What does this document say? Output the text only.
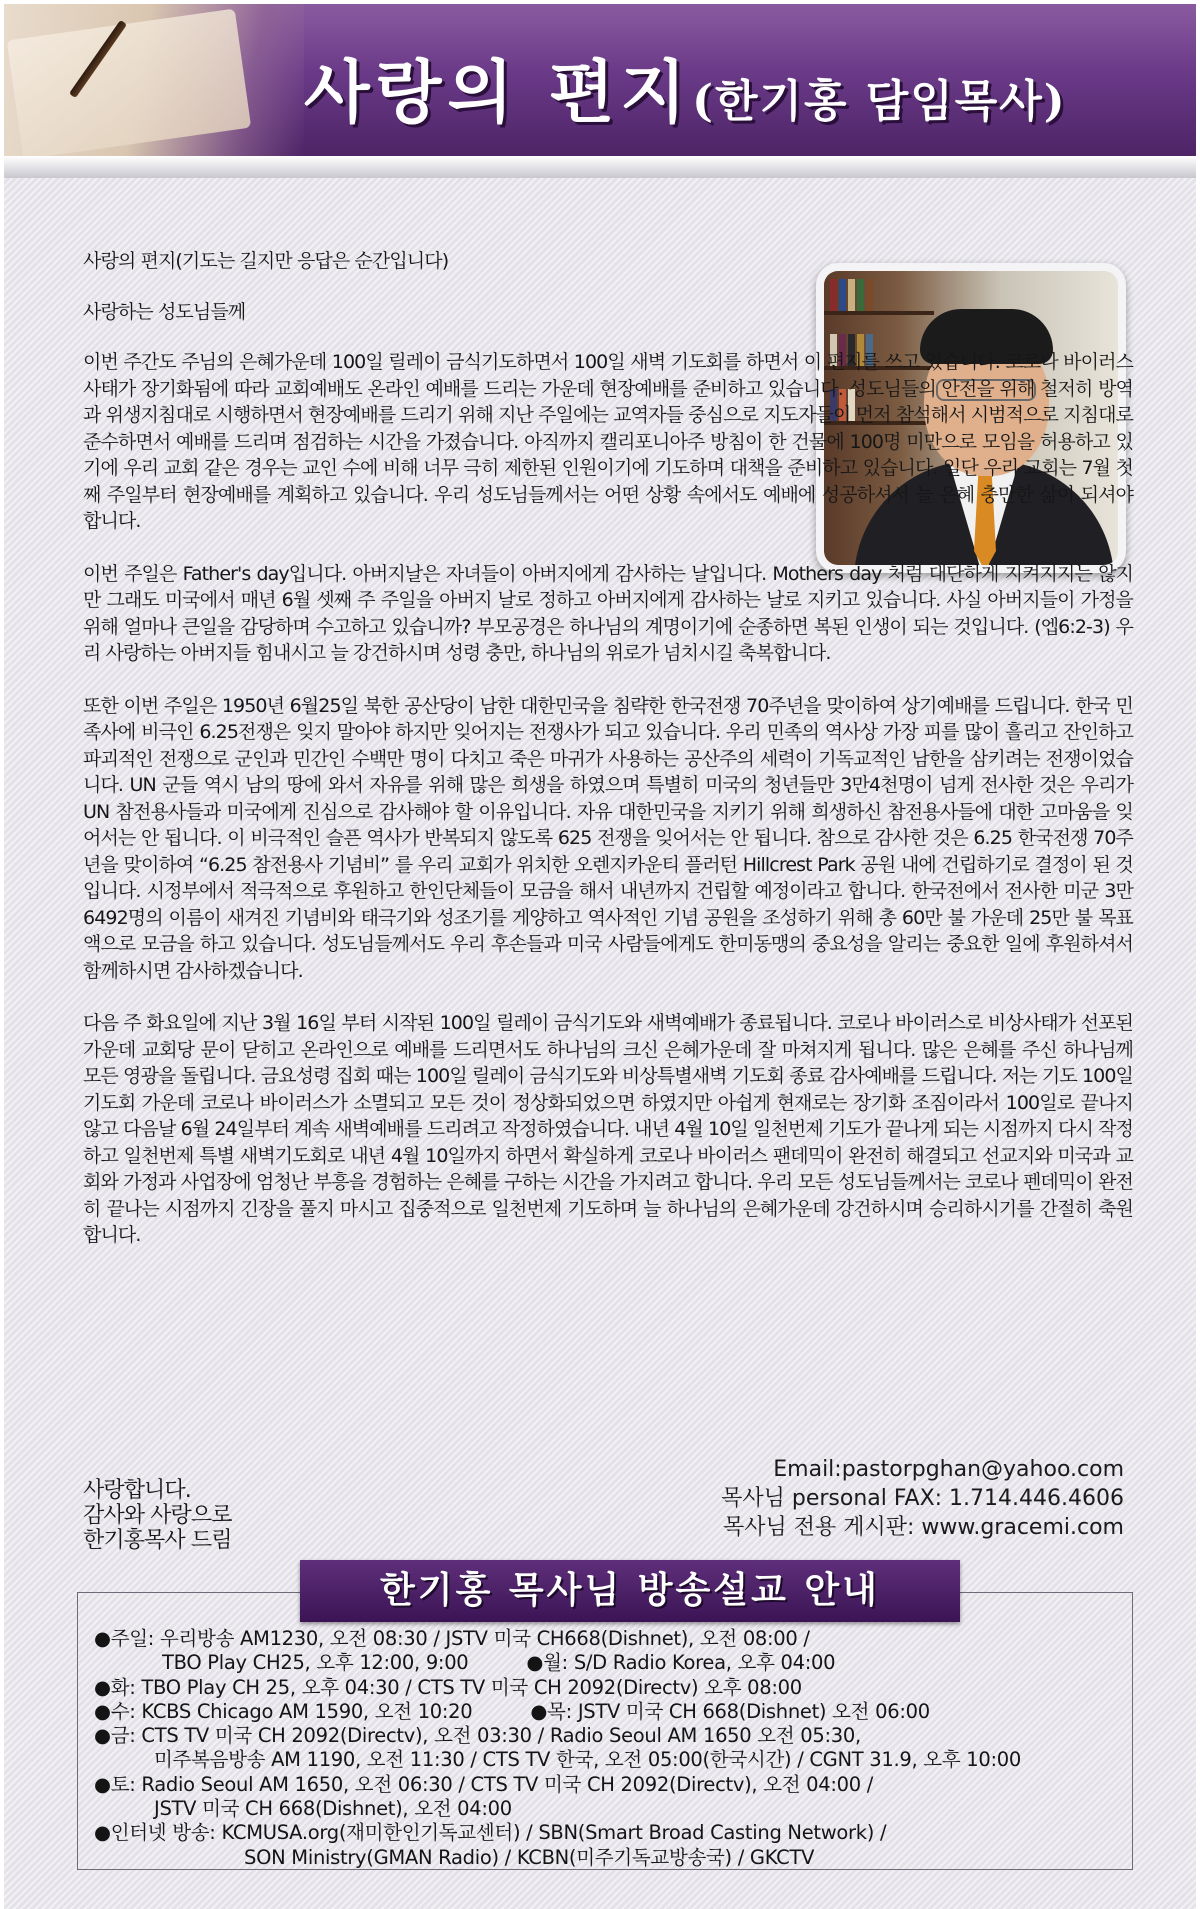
사랑의 편지(한기홍 담임목사)

사랑의 편지(기도는 길지만 응답은 순간입니다)

사랑하는 성도님들께

이번 주간도 주님의 은혜가운데 100일 릴레이 금식기도하면서 100일 새벽 기도회를 하면서 이 편지를 쓰고 있습니다. 코로나 바이러스 사태가 장기화됨에 따라 교회예배도 온라인 예배를 드리는 가운데 현장예배를 준비하고 있습니다. 성도님들의 안전을 위해 철저히 방역과 위생지침대로 시행하면서 현장예배를 드리기 위해 지난 주일에는 교역자들 중심으로 지도자들이 먼저 참석해서 시범적으로 지침대로 준수하면서 예배를 드리며 점검하는 시간을 가졌습니다. 아직까지 캘리포니아주 방침이 한 건물에 100명 미만으로 모임을 허용하고 있기에 우리 교회 같은 경우는 교인 수에 비해 너무 극히 제한된 인원이기에 기도하며 대책을 준비하고 있습니다. 일단 우리 교회는 7월 첫째 주일부터 현장예배를 계획하고 있습니다. 우리 성도님들께서는 어떤 상황 속에서도 예배에 성공하셔서 늘 은혜 충만한 삶이 되셔야 합니다.

이번 주일은 Father's day입니다. 아버지날은 자녀들이 아버지에게 감사하는 날입니다. Mothers day 처럼 대단하게 지켜지지는 않지만 그래도 미국에서 매년 6월 셋째 주 주일을 아버지 날로 정하고 아버지에게 감사하는 날로 지키고 있습니다. 사실 아버지들이 가정을 위해 얼마나 큰일을 감당하며 수고하고 있습니까? 부모공경은 하나님의 계명이기에 순종하면 복된 인생이 되는 것입니다. (엡6:2-3) 우리 사랑하는 아버지들 힘내시고 늘 강건하시며 성령 충만, 하나님의 위로가 넘치시길 축복합니다.

또한 이번 주일은 1950년 6월25일 북한 공산당이 남한 대한민국을 침략한 한국전쟁 70주년을 맞이하여 상기예배를 드립니다. 한국 민족사에 비극인 6.25전쟁은 잊지 말아야 하지만 잊어지는 전쟁사가 되고 있습니다. 우리 민족의 역사상 가장 피를 많이 흘리고 잔인하고 파괴적인 전쟁으로 군인과 민간인 수백만 명이 다치고 죽은 마귀가 사용하는 공산주의 세력이 기독교적인 남한을 삼키려는 전쟁이었습니다. UN 군들 역시 남의 땅에 와서 자유를 위해 많은 희생을 하였으며 특별히 미국의 청년들만 3만4천명이 넘게 전사한 것은 우리가 UN 참전용사들과 미국에게 진심으로 감사해야 할 이유입니다. 자유 대한민국을 지키기 위해 희생하신 참전용사들에 대한 고마움을 잊어서는 안 됩니다. 이 비극적인 슬픈 역사가 반복되지 않도록 625 전쟁을 잊어서는 안 됩니다. 참으로 감사한 것은 6.25 한국전쟁 70주년을 맞이하여 “6.25 참전용사 기념비” 를 우리 교회가 위치한 오렌지카운티 플러턴 Hillcrest Park 공원 내에 건립하기로 결정이 된 것입니다. 시정부에서 적극적으로 후원하고 한인단체들이 모금을 해서 내년까지 건립할 예정이라고 합니다. 한국전에서 전사한 미군 3만 6492명의 이름이 새겨진 기념비와 태극기와 성조기를 게양하고 역사적인 기념 공원을 조성하기 위해 총 60만 불 가운데 25만 불 목표액으로 모금을 하고 있습니다. 성도님들께서도 우리 후손들과 미국 사람들에게도 한미동맹의 중요성을 알리는 중요한 일에 후원하셔서 함께하시면 감사하겠습니다.

다음 주 화요일에 지난 3월 16일 부터 시작된 100일 릴레이 금식기도와 새벽예배가 종료됩니다. 코로나 바이러스로 비상사태가 선포된 가운데 교회당 문이 닫히고 온라인으로 예배를 드리면서도 하나님의 크신 은혜가운데 잘 마쳐지게 됩니다. 많은 은혜를 주신 하나님께 모든 영광을 돌립니다. 금요성령 집회 때는 100일 릴레이 금식기도와 비상특별새벽 기도회 종료 감사예배를 드립니다. 저는 기도 100일 기도회 가운데 코로나 바이러스가 소멸되고 모든 것이 정상화되었으면 하였지만 아쉽게 현재로는 장기화 조짐이라서 100일로 끝나지 않고 다음날 6월 24일부터 계속 새벽예배를 드리려고 작정하였습니다. 내년 4월 10일 일천번제 기도가 끝나게 되는 시점까지 다시 작정하고 일천번제 특별 새벽기도회로 내년 4월 10일까지 하면서 확실하게 코로나 바이러스 팬데믹이 완전히 해결되고 선교지와 미국과 교회와 가정과 사업장에 엄청난 부흥을 경험하는 은혜를 구하는 시간을 가지려고 합니다. 우리 모든 성도님들께서는 코로나 펜데믹이 완전히 끝나는 시점까지 긴장을 풀지 마시고 집중적으로 일천번제 기도하며 늘 하나님의 은혜가운데 강건하시며 승리하시기를 간절히 축원합니다.

Email:pastorpghan@yahoo.com
목사님 personal FAX: 1.714.446.4606
목사님 전용 게시판: www.gracemi.com
사랑합니다.
감사와 사랑으로
한기홍목사 드림
한기홍 목사님 방송설교 안내
●주일: 우리방송 AM1230, 오전 08:30 / JSTV 미국 CH668(Dishnet), 오전 08:00 /
TBO Play CH25, 오후 12:00, 9:00	●월: S/D Radio Korea, 오후 04:00
●화: TBO Play CH 25, 오후 04:30 / CTS TV 미국 CH 2092(Directv) 오후 08:00
●수: KCBS Chicago AM 1590, 오전 10:20	●목: JSTV 미국 CH 668(Dishnet) 오전 06:00
●금: CTS TV 미국 CH 2092(Directv), 오전 03:30 / Radio Seoul AM 1650 오전 05:30,
미주복음방송 AM 1190, 오전 11:30 / CTS TV 한국, 오전 05:00(한국시간) / CGNT 31.9, 오후 10:00
●토: Radio Seoul AM 1650, 오전 06:30 / CTS TV 미국 CH 2092(Directv), 오전 04:00 /
JSTV 미국 CH 668(Dishnet), 오전 04:00
●인터넷 방송: KCMUSA.org(재미한인기독교센터) / SBN(Smart Broad Casting Network) /
SON Ministry(GMAN Radio) / KCBN(미주기독교방송국) / GKCTV
